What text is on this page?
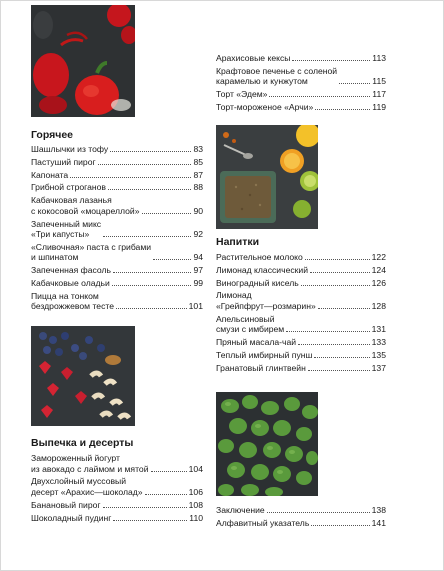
Горячее
Шашлычки из тофу	83
Пастуший пирог	85
Капоната	87
Грибной строганов	88
Кабачковая лазанья
с кокосовой «моцареллой»	90
Запеченный микс
«Три капусты»	92
«Сливочная» паста с грибами
и шпинатом	94
Запеченная фасоль	97
Кабачковые оладьи	99
Пицца на тонком
бездрожжевом тесте	101
Выпечка и десерты
Замороженный йогурт
из авокадо с лаймом и мятой	104
Двухслойный муссовый
десерт «Арахис—шоколад»	106
Банановый пирог	108
Шоколадный пудинг	110
Арахисовые кексы	113
Крафтовое печенье с соленой
карамелью и кунжутом	115
Торт «Эдем»	117
Торт-мороженое «Арчи»	119
Напитки
Растительное молоко	122
Лимонад классический	124
Виноградный кисель	126
Лимонад
«Грейпфрут—розмарин»	128
Апельсиновый
смузи с имбирем	131
Пряный масала-чай	133
Теплый имбирный пунш	135
Гранатовый глинтвейн	137
Заключение	138
Алфавитный указатель	141
